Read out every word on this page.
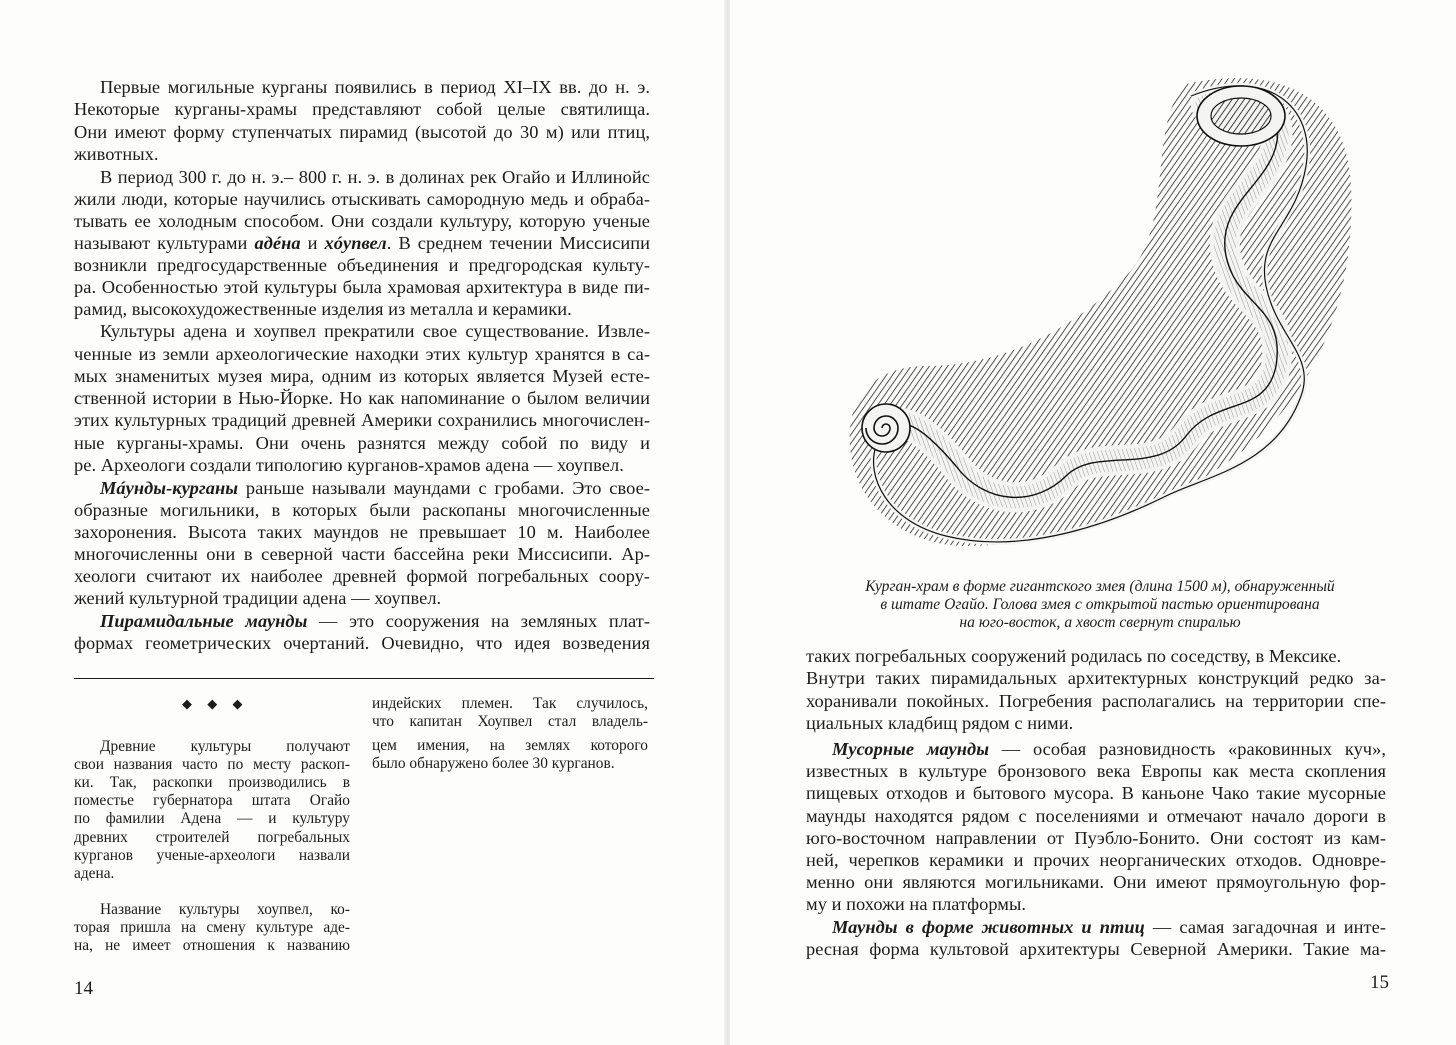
Первые могильные курганы появились в период XI–IX вв. до н. э.
Некоторые курганы-храмы представляют собой целые святилища.
Они имеют форму ступенчатых пирамид (высотой до 30 м) или птиц,
животных.
В период 300 г. до н. э.– 800 г. н. э. в долинах рек Огайо и Иллинойс
жили люди, которые научились отыскивать самородную медь и обраба-
тывать ее холодным способом. Они создали культуру, которую ученые
называют культурами адéна и хóупвел. В среднем течении Миссисипи
возникли предгосударственные объединения и предгородская культу-
ра. Особенностью этой культуры была храмовая архитектура в виде пи-
рамид, высокохудожественные изделия из металла и керамики.
Культуры адена и хоупвел прекратили свое существование. Извле-
ченные из земли археологические находки этих культур хранятся в са-
мых знаменитых музея мира, одним из которых является Музей есте-
ственной истории в Нью-Йорке. Но как напоминание о былом величии
этих культурных традиций древней Америки сохранились многочислен-
ные курганы-храмы. Они очень разнятся между собой по виду и
ре. Археологи создали типологию курганов-храмов адена — хоупвел.
Мáунды-курганы раньше называли маундами с гробами. Это свое-
образные могильники, в которых были раскопаны многочисленные
захоронения. Высота таких маундов не превышает 10 м. Наиболее
многочисленны они в северной части бассейна реки Миссисипи. Ар-
хеологи считают их наиболее древней формой погребальных соору-
жений культурной традиции адена — хоупвел.
Пирамидальные маунды — это сооружения на земляных плат-
формах геометрических очертаний. Очевидно, что идея возведения
◆ ◆ ◆
Древние культуры получают
свои названия часто по месту раскоп-
ки. Так, раскопки производились в
поместье губернатора штата Огайо
по фамилии Адена — и культуру
древних строителей погребальных
курганов ученые-археологи назвали
адена.
Название культуры хоупвел, ко-
торая пришла на смену культуре аде-
на, не имеет отношения к названию
индейских племен. Так случилось,
что капитан Хоупвел стал владель-
цем имения, на землях которого
было обнаружено более 30 курганов.
14
Курган-храм в форме гигантского змея (длина 1500 м), обнаруженный
в штате Огайо. Голова змея с открытой пастью ориентирована
на юго-восток, а хвост свернут спиралью
таких погребальных сооружений родилась по соседству, в Мексике.
Внутри таких пирамидальных архитектурных конструкций редко за-
хоранивали покойных. Погребения располагались на территории спе-
циальных кладбищ рядом с ними.
Мусорные маунды — особая разновидность «раковинных куч»,
известных в культуре бронзового века Европы как места скопления
пищевых отходов и бытового мусора. В каньоне Чако такие мусорные
маунды находятся рядом с поселениями и отмечают начало дороги в
юго-восточном направлении от Пуэбло-Бонито. Они состоят из кам-
ней, черепков керамики и прочих неорганических отходов. Одновре-
менно они являются могильниками. Они имеют прямоугольную фор-
му и похожи на платформы.
Маунды в форме животных и птиц — самая загадочная и инте-
ресная форма культовой архитектуры Северной Америки. Такие ма-
15
